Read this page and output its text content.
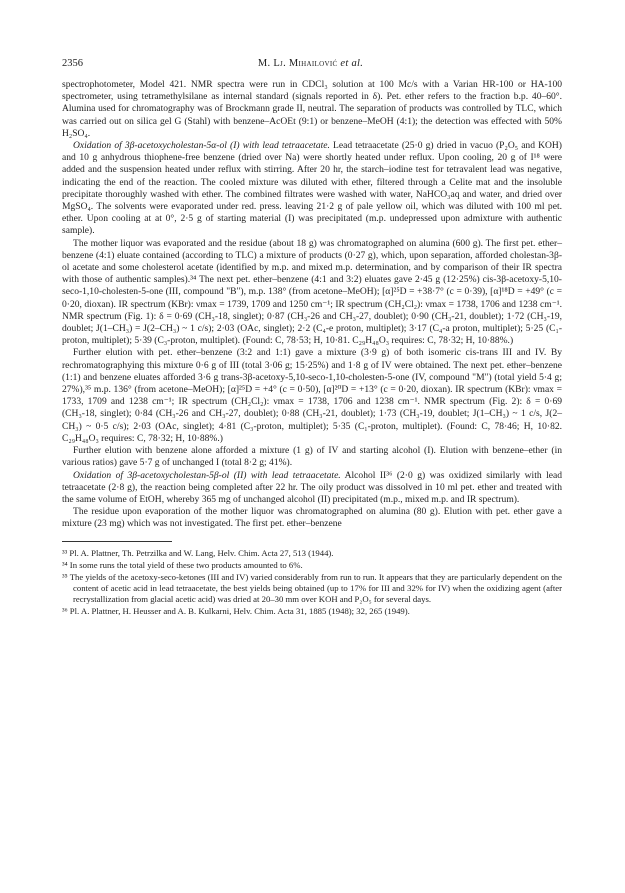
2356	M. Lj. Mihailović et al.

spectrophotometer, Model 421. NMR spectra were run in CDCl₃ solution at 100 Mc/s with a Varian HR-100 or HA-100 spectrometer, using tetramethylsilane as internal standard (signals reported in δ). Pet. ether refers to the fraction b.p. 40–60°. Alumina used for chromatography was of Brockmann grade II, neutral. The separation of products was controlled by TLC, which was carried out on silica gel G (Stahl) with benzene–AcOEt (9:1) or benzene–MeOH (4:1); the detection was effected with 50% H₂SO₄.

Oxidation of 3β-acetoxycholestan-5α-ol (I) with lead tetraacetate. Lead tetraacetate (25·0 g) dried in vacuo (P₂O₅ and KOH) and 10 g anhydrous thiophene-free benzene (dried over Na) were shortly heated under reflux. Upon cooling, 20 g of I¹⁸ were added and the suspension heated under reflux with stirring. After 20 hr, the starch–iodine test for tetravalent lead was negative, indicating the end of the reaction. The cooled mixture was diluted with ether, filtered through a Celite mat and the insoluble precipitate thoroughly washed with ether. The combined filtrates were washed with water, NaHCO₃aq and water, and dried over MgSO₄. The solvents were evaporated under red. press. leaving 21·2 g of pale yellow oil, which was diluted with 100 ml pet. ether. Upon cooling at at 0°, 2·5 g of starting material (I) was precipitated (m.p. undepressed upon admixture with authentic sample).

The mother liquor was evaporated and the residue (about 18 g) was chromatographed on alumina (600 g). The first pet. ether–benzene (4:1) eluate contained (according to TLC) a mixture of products (0·27 g), which, upon separation, afforded cholestan-3β-ol acetate and some cholesterol acetate (identified by m.p. and mixed m.p. determination, and by comparison of their IR spectra with those of authentic samples).³⁴ The next pet. ether–benzene (4:1 and 3:2) eluates gave 2·45 g (12·25%) cis-3β-acetoxy-5,10-seco-1,10-cholesten-5-one (III, compound "B"), m.p. 138° (from acetone–MeOH); [α]²⁵D = +38·7° (c = 0·39), [α]¹⁸D = +49° (c = 0·20, dioxan). IR spectrum (KBr): νmax = 1739, 1709 and 1250 cm⁻¹; IR spectrum (CH₂Cl₂): νmax = 1738, 1706 and 1238 cm⁻¹. NMR spectrum (Fig. 1): δ = 0·69 (CH₃-18, singlet); 0·87 (CH₃-26 and CH₃-27, doublet); 0·90 (CH₃-21, doublet); 1·72 (CH₃-19, doublet; J(1–CH₃) = J(2–CH₃) ~ 1 c/s); 2·03 (OAc, singlet); 2·2 (C₄-e proton, multiplet); 3·17 (C₄-a proton, multiplet); 5·25 (C₁-proton, multiplet); 5·39 (C₃-proton, multiplet). (Found: C, 78·53; H, 10·81. C₂₉H₄₈O₃ requires: C, 78·32; H, 10·88%.)

Further elution with pet. ether–benzene (3:2 and 1:1) gave a mixture (3·9 g) of both isomeric cis-trans III and IV. By rechromatographying this mixture 0·6 g of III (total 3·06 g; 15·25%) and 1·8 g of IV were obtained. The next pet. ether–benzene (1:1) and benzene eluates afforded 3·6 g trans-3β-acetoxy-5,10-seco-1,10-cholesten-5-one (IV, compound "M") (total yield 5·4 g; 27%),³⁵ m.p. 136° (from acetone–MeOH); [α]²⁵D = +4° (c = 0·50), [α]²⁰D = +13° (c = 0·20, dioxan). IR spectrum (KBr): νmax = 1733, 1709 and 1238 cm⁻¹; IR spectrum (CH₂Cl₂): νmax = 1738, 1706 and 1238 cm⁻¹. NMR spectrum (Fig. 2): δ = 0·69 (CH₃-18, singlet); 0·84 (CH₃-26 and CH₃-27, doublet); 0·88 (CH₃-21, doublet); 1·73 (CH₃-19, doublet; J(1–CH₃) ~ 1 c/s, J(2–CH₃) ~ 0·5 c/s); 2·03 (OAc, singlet); 4·81 (C₃-proton, multiplet); 5·35 (C₁-proton, multiplet). (Found: C, 78·46; H, 10·82. C₂₉H₄₈O₃ requires: C, 78·32; H, 10·88%.)

Further elution with benzene alone afforded a mixture (1 g) of IV and starting alcohol (I). Elution with benzene–ether (in various ratios) gave 5·7 g of unchanged I (total 8·2 g; 41%).

Oxidation of 3β-acetoxycholestan-5β-ol (II) with lead tetraacetate. Alcohol II³⁶ (2·0 g) was oxidized similarly with lead tetraacetate (2·8 g), the reaction being completed after 22 hr. The oily product was dissolved in 10 ml pet. ether and treated with the same volume of EtOH, whereby 365 mg of unchanged alcohol (II) precipitated (m.p., mixed m.p. and IR spectrum).

The residue upon evaporation of the mother liquor was chromatographed on alumina (80 g). Elution with pet. ether gave a mixture (23 mg) which was not investigated. The first pet. ether–benzene

³³ Pl. A. Plattner, Th. Petrzilka and W. Lang, Helv. Chim. Acta 27, 513 (1944).

³⁴ In some runs the total yield of these two products amounted to 6%.

³⁵ The yields of the acetoxy-seco-ketones (III and IV) varied considerably from run to run. It appears that they are particularly dependent on the content of acetic acid in lead tetraacetate, the best yields being obtained (up to 17% for III and 32% for IV) when the oxidizing agent (after recrystallization from glacial acetic acid) was dried at 20–30 mm over KOH and P₂O₅ for several days.

³⁶ Pl. A. Plattner, H. Heusser and A. B. Kulkarni, Helv. Chim. Acta 31, 1885 (1948); 32, 265 (1949).
